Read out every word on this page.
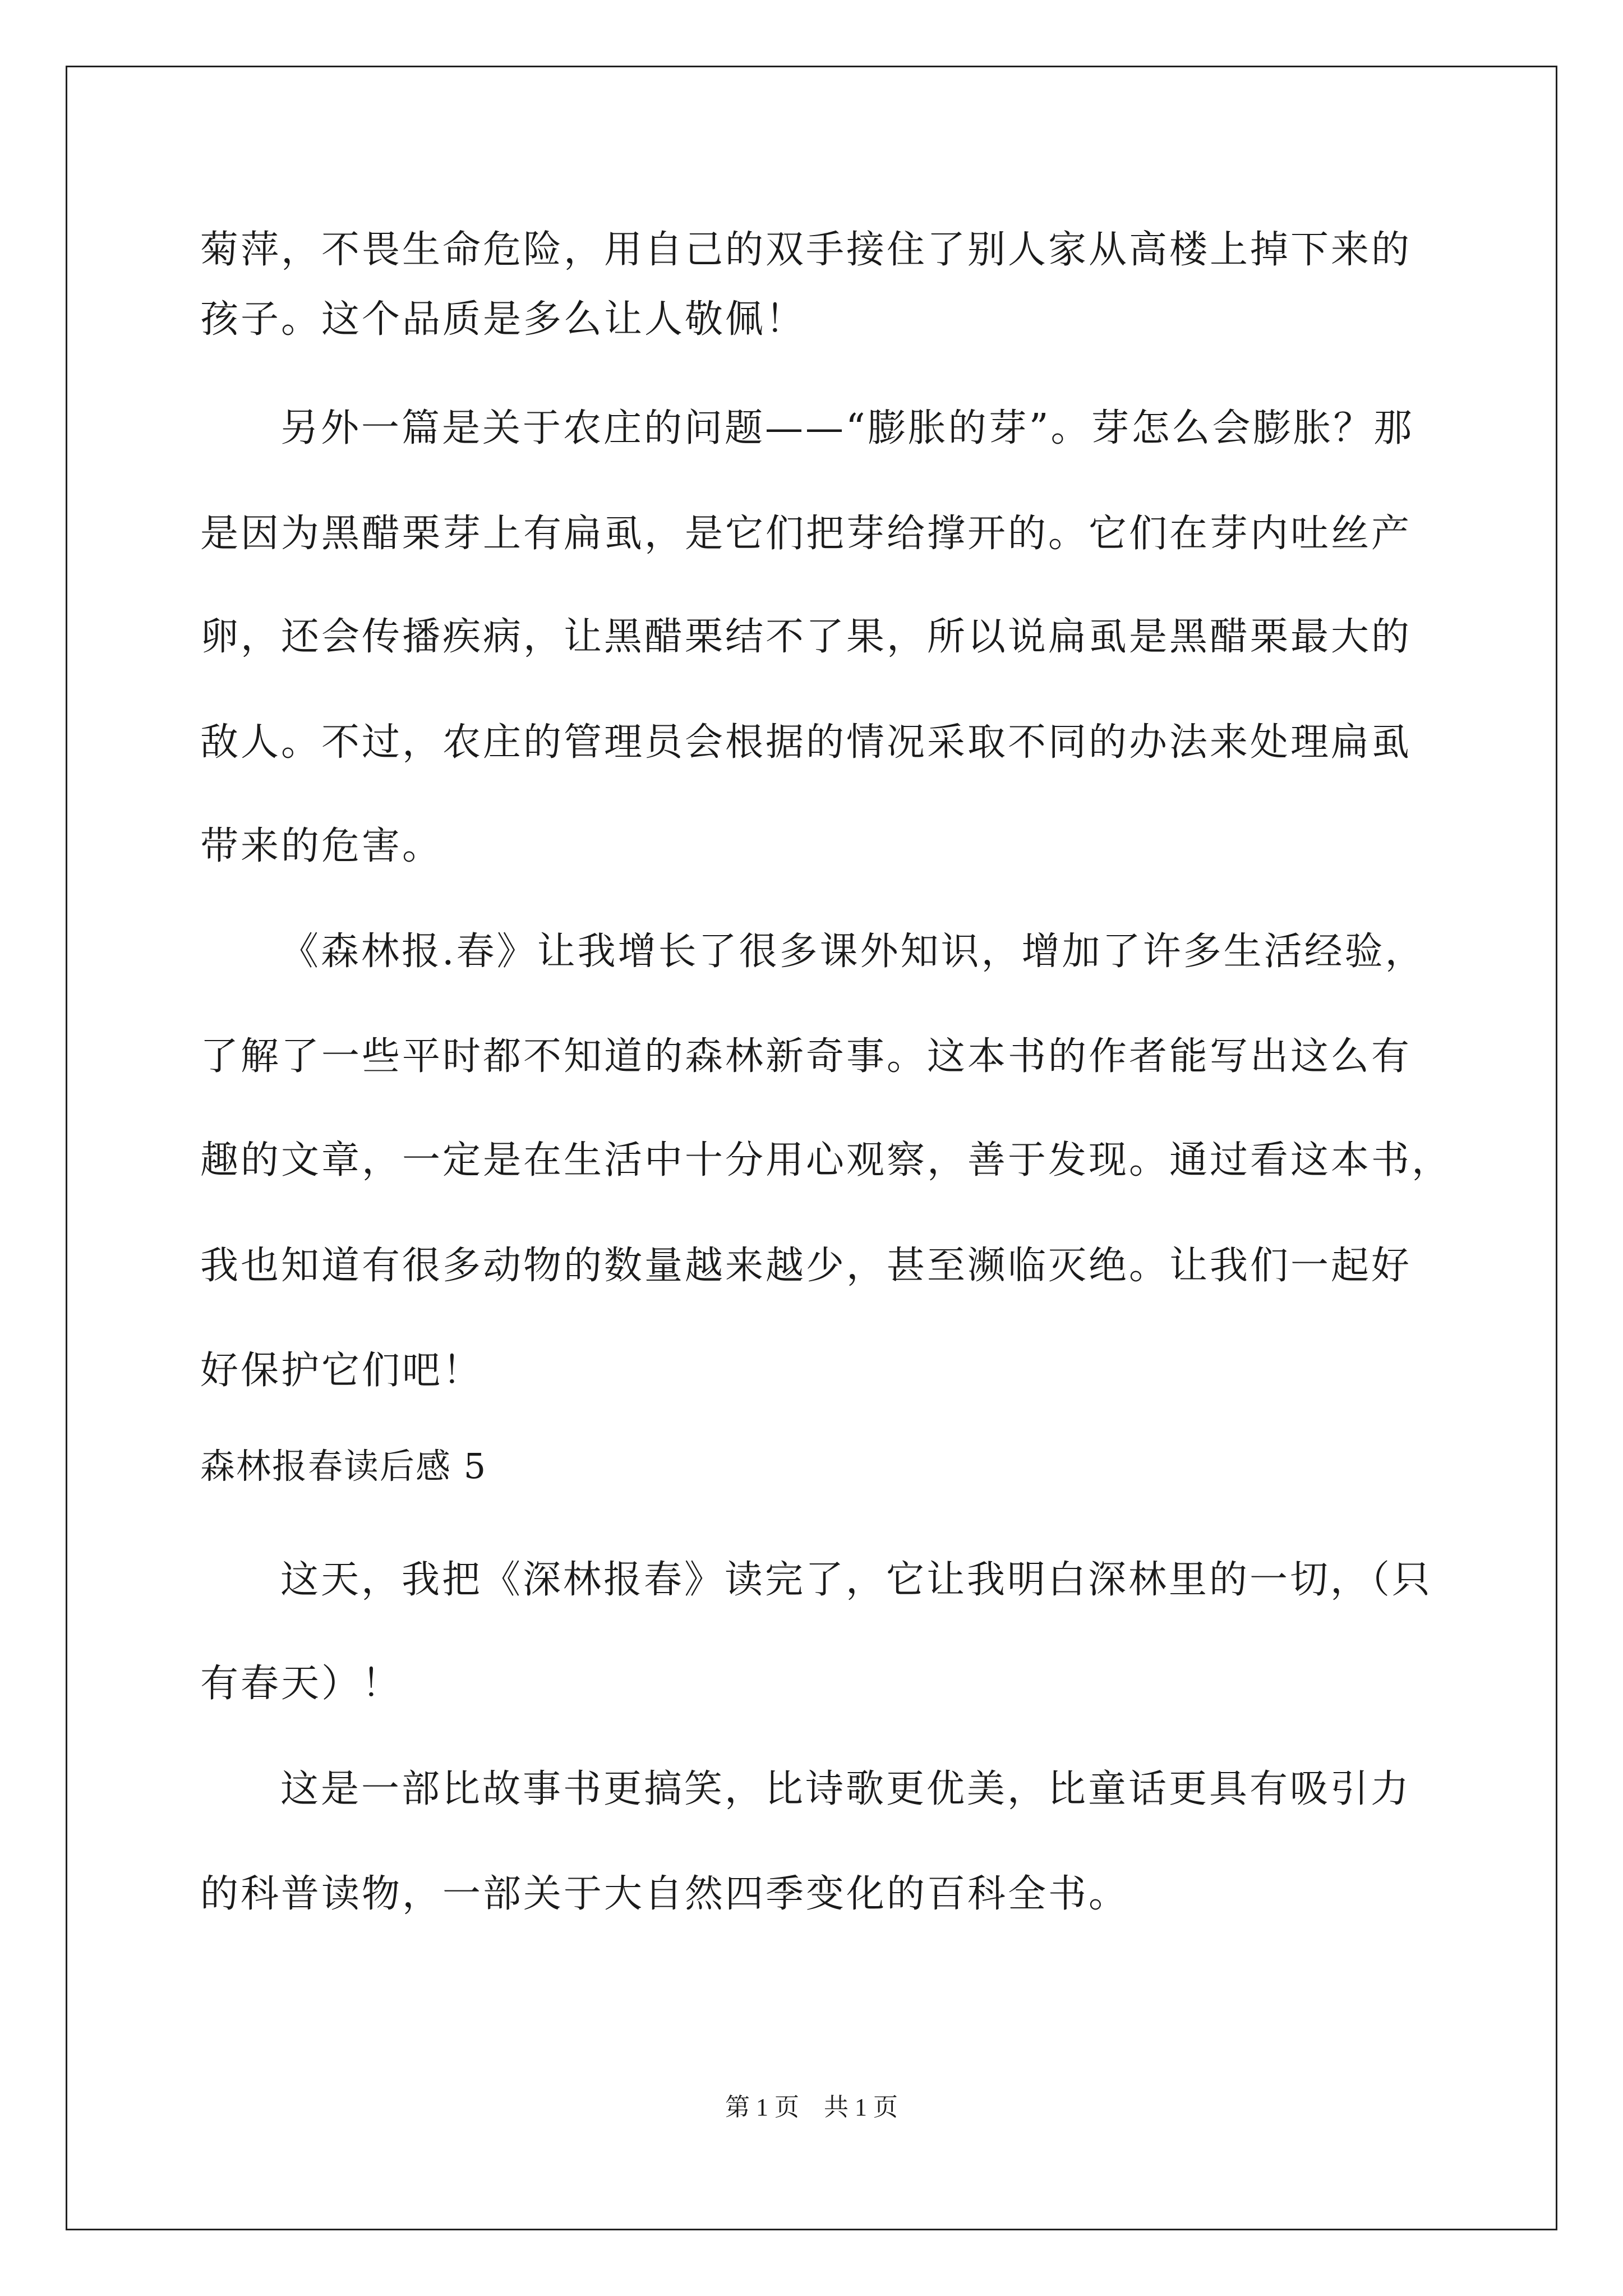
菊萍，不畏生命危险，用自己的双手接住了别人家从高楼上掉下来的
孩子。这个品质是多么让人敬佩！
另外一篇是关于农庄的问题——“膨胀的芽”。芽怎么会膨胀？那
是因为黑醋栗芽上有扁虱，是它们把芽给撑开的。它们在芽内吐丝产
卵，还会传播疾病，让黑醋栗结不了果，所以说扁虱是黑醋栗最大的
敌人。不过，农庄的管理员会根据的情况采取不同的办法来处理扁虱
带来的危害。
《森林报.春》让我增长了很多课外知识，增加了许多生活经验，
了解了一些平时都不知道的森林新奇事。这本书的作者能写出这么有
趣的文章，一定是在生活中十分用心观察，善于发现。通过看这本书，
我也知道有很多动物的数量越来越少，甚至濒临灭绝。让我们一起好
好保护它们吧！
森林报春读后感 5
这天，我把《深林报春》读完了，它让我明白深林里的一切，（只
有春天）！
这是一部比故事书更搞笑，比诗歌更优美，比童话更具有吸引力
的科普读物，一部关于大自然四季变化的百科全书。
第 1 页　共 1 页
